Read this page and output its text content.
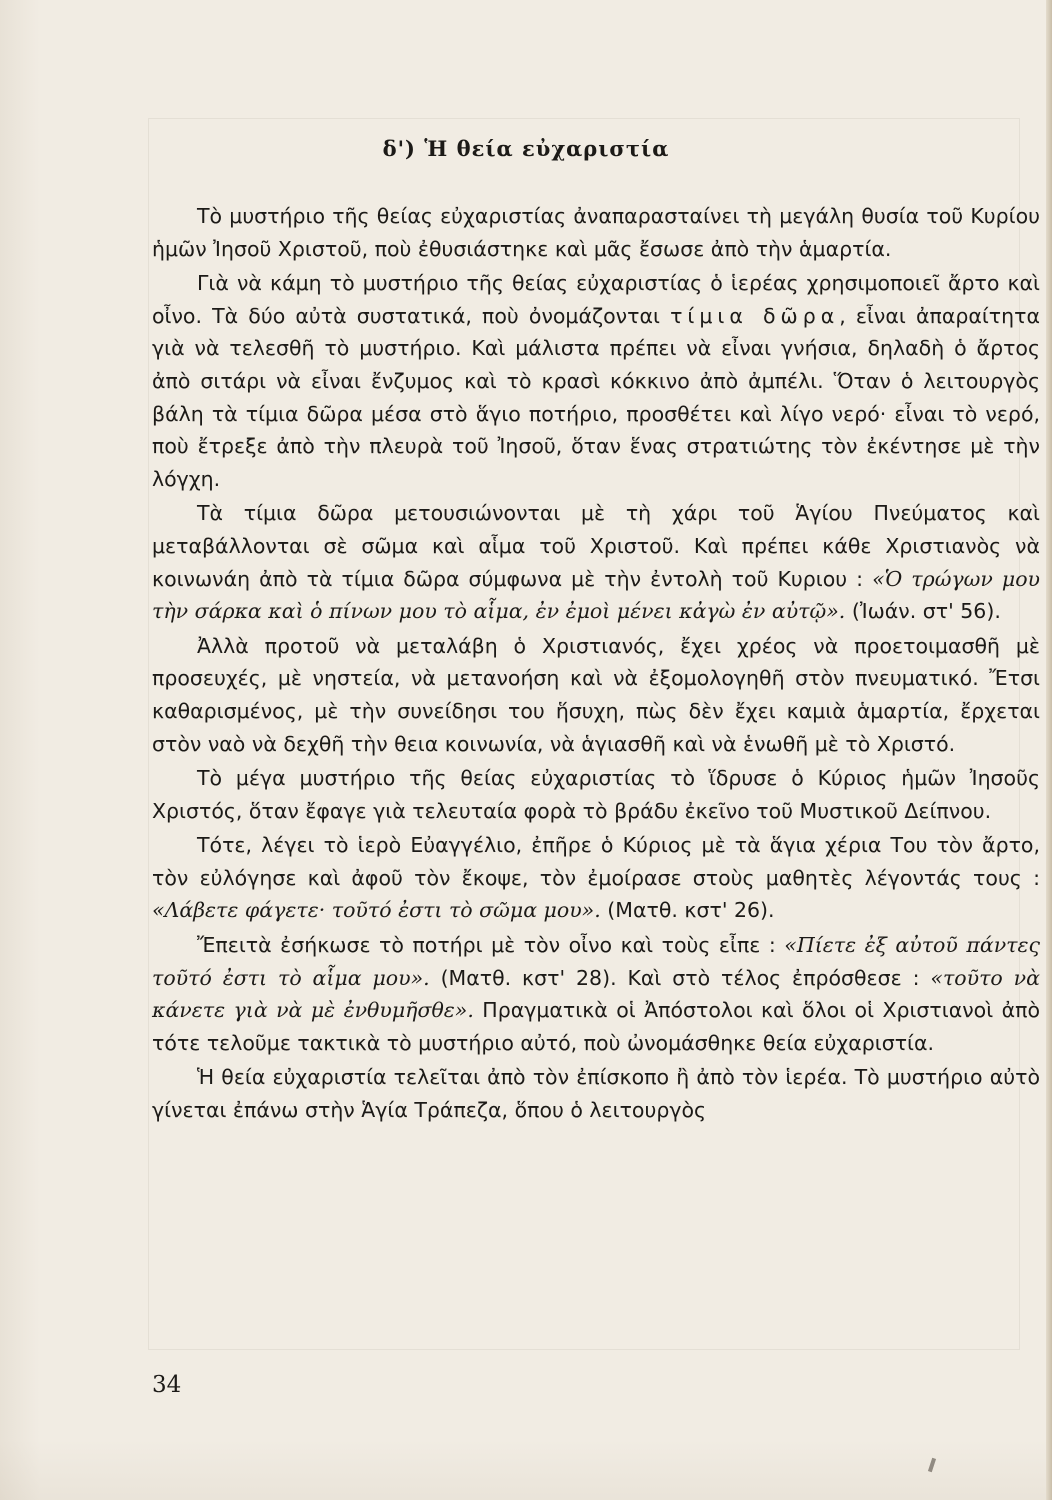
δ') Ἡ θεία εὐχαριστία

Τὸ μυστήριο τῆς θείας εὐχαριστίας ἀναπαρασταίνει τὴ μεγάλη θυσία τοῦ Κυρίου ἡμῶν Ἰησοῦ Χριστοῦ, ποὺ ἐθυσιάστηκε καὶ μᾶς ἔσωσε ἀπὸ τὴν ἁμαρτία.

Γιὰ νὰ κάμη τὸ μυστήριο τῆς θείας εὐχαριστίας ὁ ἱερέας χρησιμοποιεῖ ἄρτο καὶ οἶνο. Τὰ δύο αὐτὰ συστατικά, ποὺ ὀνομάζονται τίμια δῶρα, εἶναι ἀπαραίτητα γιὰ νὰ τελεσθῆ τὸ μυστήριο. Καὶ μάλιστα πρέπει νὰ εἶναι γνήσια, δηλαδὴ ὁ ἄρτος ἀπὸ σιτάρι νὰ εἶναι ἔνζυμος καὶ τὸ κρασὶ κόκκινο ἀπὸ ἀμπέλι. Ὅταν ὁ λειτουργὸς βάλη τὰ τίμια δῶρα μέσα στὸ ἅγιο ποτήριο, προσθέτει καὶ λίγο νερό· εἶναι τὸ νερό, ποὺ ἔτρεξε ἀπὸ τὴν πλευρὰ τοῦ Ἰησοῦ, ὅταν ἕνας στρατιώτης τὸν ἐκέντησε μὲ τὴν λόγχη.

Τὰ τίμια δῶρα μετουσιώνονται μὲ τὴ χάρι τοῦ Ἁγίου Πνεύματος καὶ μεταβάλλονται σὲ σῶμα καὶ αἷμα τοῦ Χριστοῦ. Καὶ πρέπει κάθε Χριστιανὸς νὰ κοινωνάη ἀπὸ τὰ τίμια δῶρα σύμφωνα μὲ τὴν ἐντολὴ τοῦ Κυριου : «Ὁ τρώγων μου τὴν σάρκα καὶ ὁ πίνων μου τὸ αἷμα, ἐν ἐμοὶ μένει κἀγὼ ἐν αὐτῷ». (Ἰωάν. στ' 56).

Ἀλλὰ προτοῦ νὰ μεταλάβη ὁ Χριστιανός, ἔχει χρέος νὰ προετοιμασθῆ μὲ προσευχές, μὲ νηστεία, νὰ μετανοήση καὶ νὰ ἐξομολογηθῆ στὸν πνευματικό. Ἔτσι καθαρισμένος, μὲ τὴν συνείδησι του ἥσυχη, πὼς δὲν ἔχει καμιὰ ἁμαρτία, ἔρχεται στὸν ναὸ νὰ δεχθῆ τὴν θεια κοινωνία, νὰ ἁγιασθῆ καὶ νὰ ἑνωθῆ μὲ τὸ Χριστό.

Τὸ μέγα μυστήριο τῆς θείας εὐχαριστίας τὸ ἵδρυσε ὁ Κύριος ἡμῶν Ἰησοῦς Χριστός, ὅταν ἔφαγε γιὰ τελευταία φορὰ τὸ βράδυ ἐκεῖνο τοῦ Μυστικοῦ Δείπνου.

Τότε, λέγει τὸ ἱερὸ Εὐαγγέλιο, ἐπῆρε ὁ Κύριος μὲ τὰ ἅγια χέρια Του τὸν ἄρτο, τὸν εὐλόγησε καὶ ἀφοῦ τὸν ἔκοψε, τὸν ἐμοίρασε στοὺς μαθητὲς λέγοντάς τους : «Λάβετε φάγετε· τοῦτό ἐστι τὸ σῶμα μου». (Ματθ. κστ' 26).

Ἔπειτὰ ἐσήκωσε τὸ ποτήρι μὲ τὸν οἶνο καὶ τοὺς εἶπε : «Πίετε ἐξ αὐτοῦ πάντες τοῦτό ἐστι τὸ αἷμα μου». (Ματθ. κστ' 28). Καὶ στὸ τέλος ἐπρόσθεσε : «τοῦτο νὰ κάνετε γιὰ νὰ μὲ ἐνθυμῆσθε». Πραγματικὰ οἱ Ἀπόστολοι καὶ ὅλοι οἱ Χριστιανοὶ ἀπὸ τότε τελοῦμε τακτικὰ τὸ μυστήριο αὐτό, ποὺ ὠνομάσθηκε θεία εὐχαριστία.

Ἡ θεία εὐχαριστία τελεῖται ἀπὸ τὸν ἐπίσκοπο ἢ ἀπὸ τὸν ἱερέα. Τὸ μυστήριο αὐτὸ γίνεται ἐπάνω στὴν Ἁγία Τράπεζα, ὅπου ὁ λειτουργὸς

34
